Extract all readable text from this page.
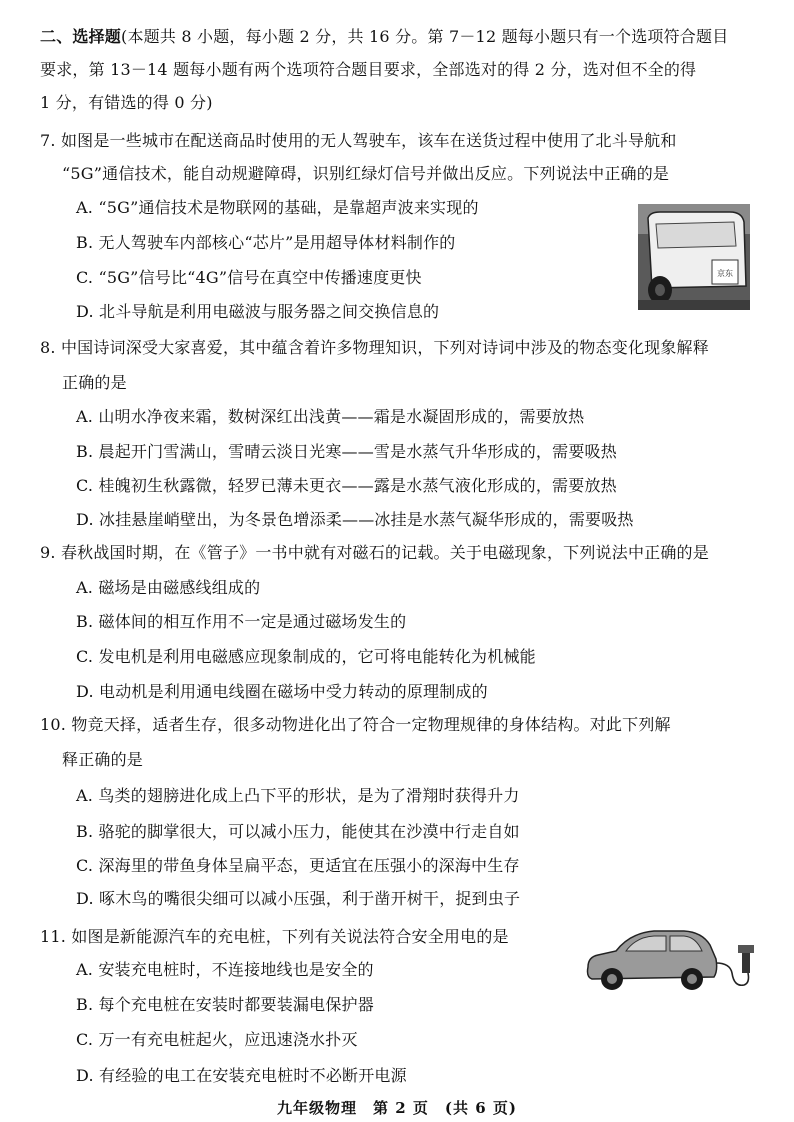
二、选择题(本题共 8 小题，每小题 2 分，共 16 分。第 7－12 题每小题只有一个选项符合题目
要求，第 13－14 题每小题有两个选项符合题目要求，全部选对的得 2 分，选对但不全的得
1 分，有错选的得 0 分)
7. 如图是一些城市在配送商品时使用的无人驾驶车，该车在送货过程中使用了北斗导航和
“5G”通信技术，能自动规避障碍，识别红绿灯信号并做出反应。下列说法中正确的是
A. “5G”通信技术是物联网的基础，是靠超声波来实现的
B. 无人驾驶车内部核心“芯片”是用超导体材料制作的
C. “5G”信号比“4G”信号在真空中传播速度更快
D. 北斗导航是利用电磁波与服务器之间交换信息的
京东
8. 中国诗词深受大家喜爱，其中蕴含着许多物理知识，下列对诗词中涉及的物态变化现象解释
正确的是
A. 山明水净夜来霜，数树深红出浅黄——霜是水凝固形成的，需要放热
B. 晨起开门雪满山，雪晴云淡日光寒——雪是水蒸气升华形成的，需要吸热
C. 桂魄初生秋露微，轻罗已薄未更衣——露是水蒸气液化形成的，需要放热
D. 冰挂悬崖峭壁出，为冬景色增添柔——冰挂是水蒸气凝华形成的，需要吸热
9. 春秋战国时期，在《管子》一书中就有对磁石的记载。关于电磁现象，下列说法中正确的是
A. 磁场是由磁感线组成的
B. 磁体间的相互作用不一定是通过磁场发生的
C. 发电机是利用电磁感应现象制成的，它可将电能转化为机械能
D. 电动机是利用通电线圈在磁场中受力转动的原理制成的
10. 物竞天择，适者生存，很多动物进化出了符合一定物理规律的身体结构。对此下列解
释正确的是
A. 鸟类的翅膀进化成上凸下平的形状，是为了滑翔时获得升力
B. 骆驼的脚掌很大，可以减小压力，能使其在沙漠中行走自如
C. 深海里的带鱼身体呈扁平态，更适宜在压强小的深海中生存
D. 啄木鸟的嘴很尖细可以减小压强，利于凿开树干，捉到虫子
11. 如图是新能源汽车的充电桩，下列有关说法符合安全用电的是
A. 安装充电桩时，不连接地线也是安全的
B. 每个充电桩在安装时都要装漏电保护器
C. 万一有充电桩起火，应迅速浇水扑灭
D. 有经验的电工在安装充电桩时不必断开电源
九年级物理　第 2 页　(共 6 页)
